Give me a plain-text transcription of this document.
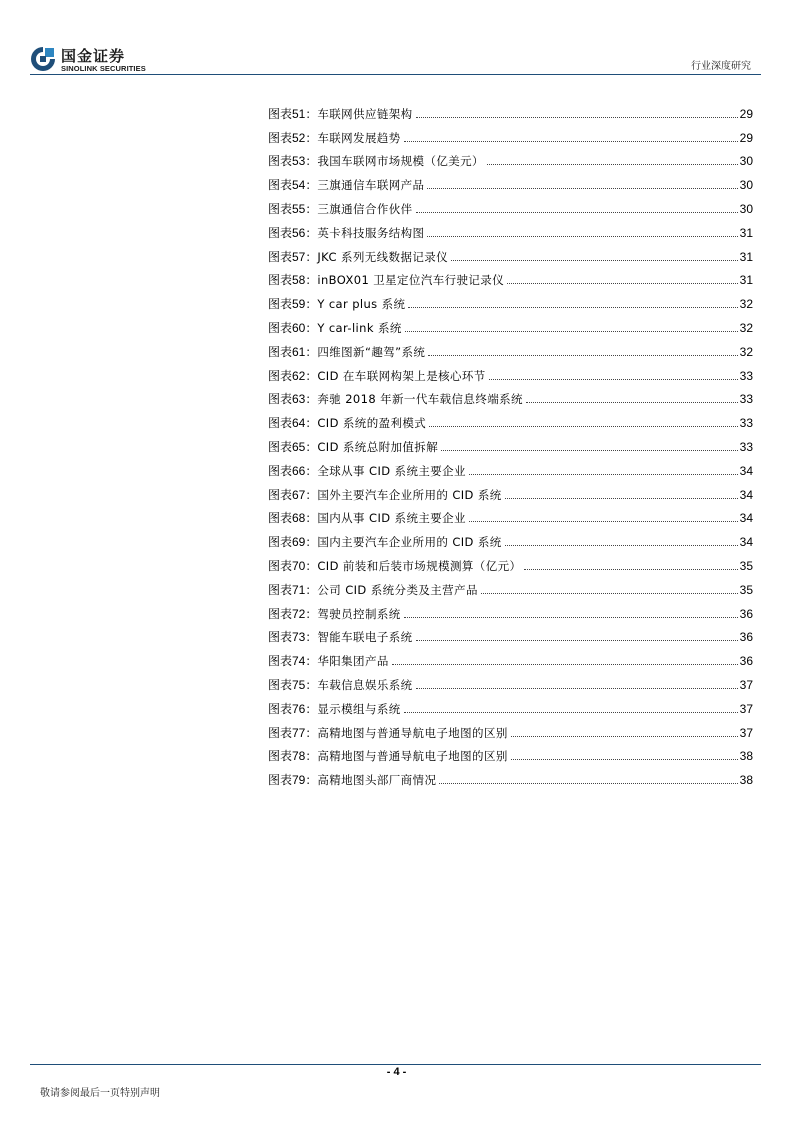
国金证券
SINOLINK SECURITIES	行业深度研究
图表51： 车联网供应链架构	29
图表52： 车联网发展趋势	29
图表53： 我国车联网市场规模（亿美元）	30
图表54： 三旗通信车联网产品	30
图表55： 三旗通信合作伙伴	30
图表56： 英卡科技服务结构图	31
图表57： JKC 系列无线数据记录仪	31
图表58： inBOX01 卫星定位汽车行驶记录仪	31
图表59： Y car plus 系统	32
图表60： Y car-link 系统	32
图表61： 四维图新“趣驾”系统	32
图表62： CID 在车联网构架上是核心环节	33
图表63： 奔驰 2018 年新一代车载信息终端系统	33
图表64： CID 系统的盈利模式	33
图表65： CID 系统总附加值拆解	33
图表66： 全球从事 CID 系统主要企业	34
图表67： 国外主要汽车企业所用的 CID 系统	34
图表68： 国内从事 CID 系统主要企业	34
图表69： 国内主要汽车企业所用的 CID 系统	34
图表70： CID 前装和后装市场规模测算（亿元）	35
图表71： 公司 CID 系统分类及主营产品	35
图表72： 驾驶员控制系统	36
图表73： 智能车联电子系统	36
图表74： 华阳集团产品	36
图表75： 车载信息娱乐系统	37
图表76： 显示模组与系统	37
图表77： 高精地图与普通导航电子地图的区别	37
图表78： 高精地图与普通导航电子地图的区别	38
图表79： 高精地图头部厂商情况	38
- 4 -
敬请参阅最后一页特别声明
